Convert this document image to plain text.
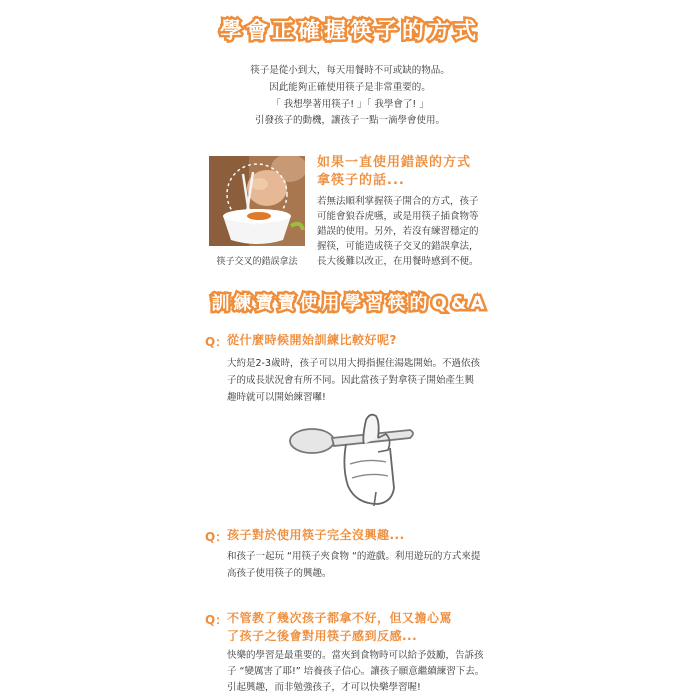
學會正確握筷子的方式
筷子是從小到大，每天用餐時不可或缺的物品。
因此能夠正確使用筷子是非常重要的。
「 我想學著用筷子! 」「 我學會了! 」
引發孩子的動機，讓孩子一點一滴學會使用。
筷子交叉的錯誤拿法
如果一直使用錯誤的方式
拿筷子的話...
若無法順利掌握筷子開合的方式，孩子
可能會狼吞虎嚥，或是用筷子插食物等
錯誤的使用。另外，若沒有練習穩定的
握筷，可能造成筷子交叉的錯誤拿法，
長大後難以改正，在用餐時感到不便。
訓練寶寶使用學習筷的Q&A
Q： 從什麼時候開始訓練比較好呢?
大約是2-3歲時，孩子可以用大拇指握住湯匙開始。不過依孩
子的成長狀況會有所不同。因此當孩子對拿筷子開始產生興
趣時就可以開始練習囉!
Q： 孩子對於使用筷子完全沒興趣...
和孩子一起玩 “用筷子夾食物 “的遊戲。利用遊玩的方式來提
高孩子使用筷子的興趣。
Q： 不管教了幾次孩子都拿不好，但又擔心罵
了孩子之後會對用筷子感到反感...
快樂的學習是最重要的。當夾到食物時可以給予鼓勵，告訴孩
子 “變厲害了耶!” 培養孩子信心。讓孩子願意繼續練習下去。
引起興趣，而非勉強孩子，才可以快樂學習喔!
